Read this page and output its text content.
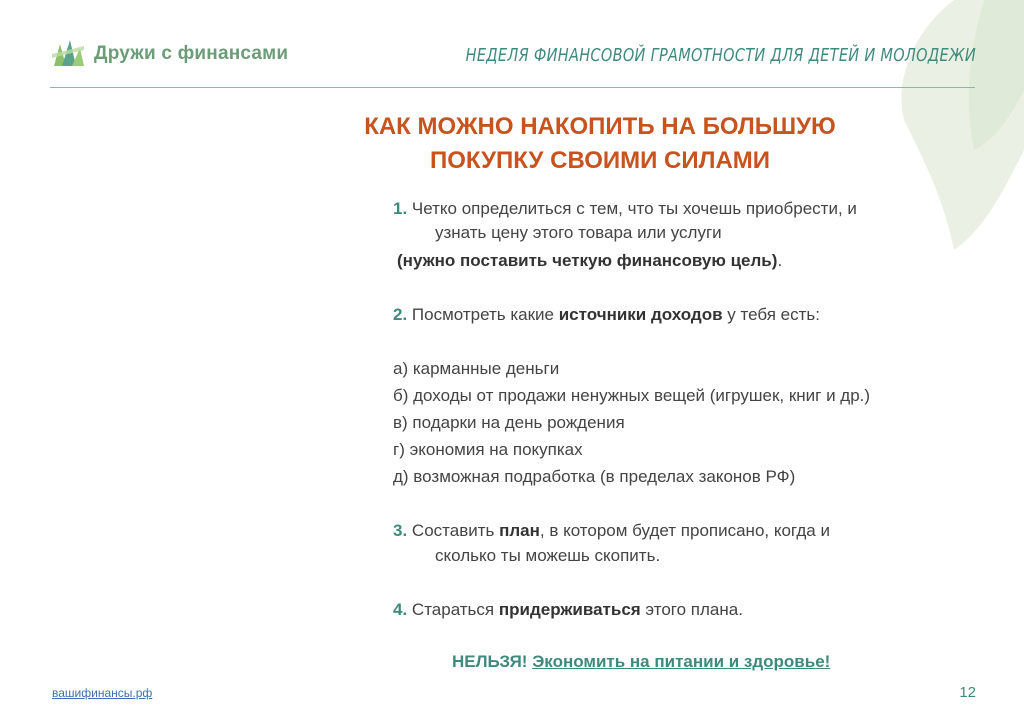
Дружи с финансами	НЕДЕЛЯ ФИНАНСОВОЙ ГРАМОТНОСТИ ДЛЯ ДЕТЕЙ И МОЛОДЕЖИ
КАК МОЖНО НАКОПИТЬ НА БОЛЬШУЮ
ПОКУПКУ СВОИМИ СИЛАМИ
1. Четко определиться с тем, что ты хочешь приобрести, и
узнать цену этого товара или услуги
(нужно поставить четкую финансовую цель).
2. Посмотреть какие источники доходов у тебя есть:
а) карманные деньги
б) доходы от продажи ненужных вещей (игрушек, книг и др.)
в) подарки на день рождения
г) экономия на покупках
д) возможная подработка (в пределах законов РФ)
3. Составить план, в котором будет прописано, когда и
сколько ты можешь скопить.
4. Стараться придерживаться этого плана.
НЕЛЬЗЯ! Экономить на питании и здоровье!
вашифинансы.рф	12
